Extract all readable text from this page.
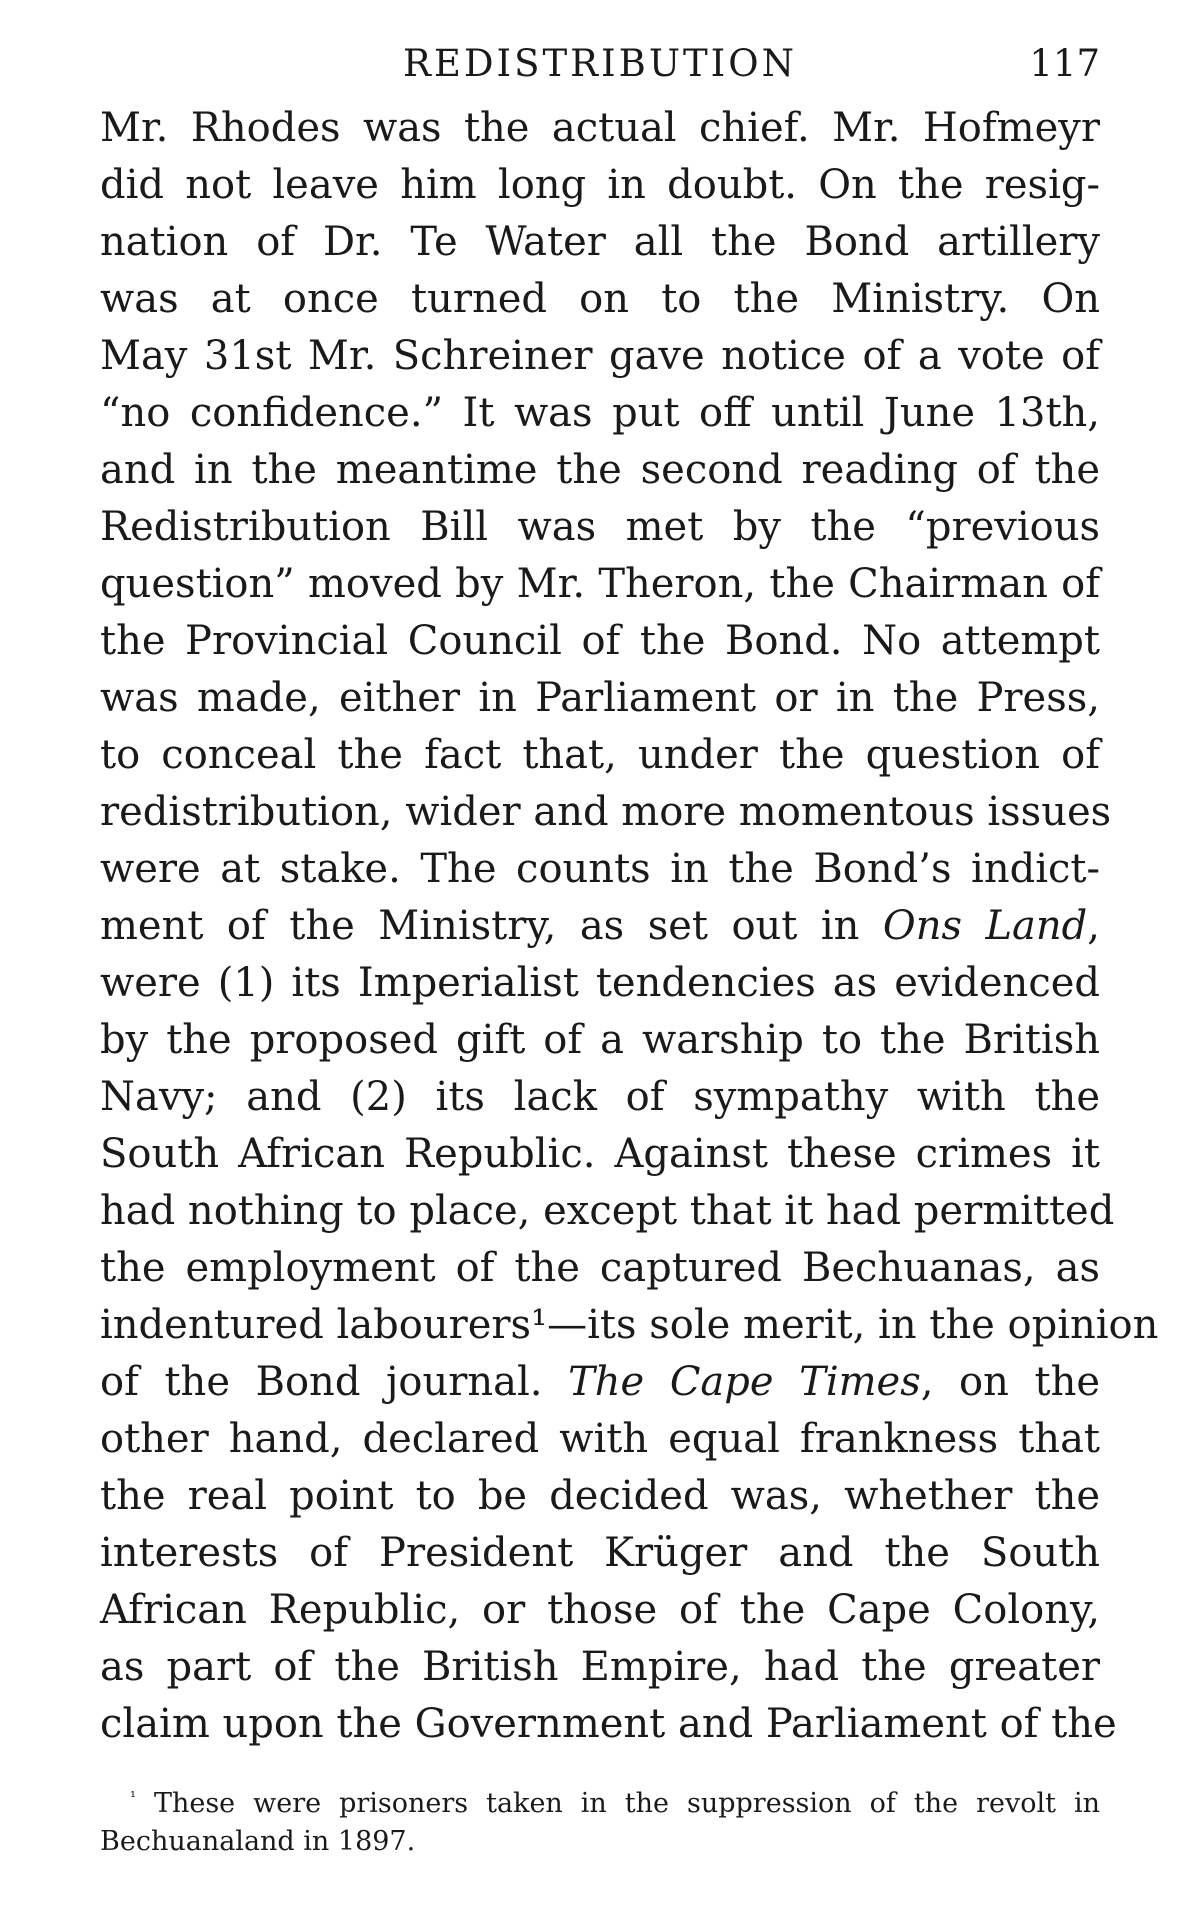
REDISTRIBUTION	117
Mr. Rhodes was the actual chief. Mr. Hofmeyr
did not leave him long in doubt. On the resig-
nation of Dr. Te Water all the Bond artillery
was at once turned on to the Ministry. On
May 31st Mr. Schreiner gave notice of a vote of
“no confidence.” It was put off until June 13th,
and in the meantime the second reading of the
Redistribution Bill was met by the “previous
question” moved by Mr. Theron, the Chairman of
the Provincial Council of the Bond. No attempt
was made, either in Parliament or in the Press,
to conceal the fact that, under the question of
redistribution, wider and more momentous issues
were at stake. The counts in the Bond’s indict-
ment of the Ministry, as set out in Ons Land,
were (1) its Imperialist tendencies as evidenced
by the proposed gift of a warship to the British
Navy; and (2) its lack of sympathy with the
South African Republic. Against these crimes it
had nothing to place, except that it had permitted
the employment of the captured Bechuanas, as
indentured labourers¹—its sole merit, in the opinion
of the Bond journal. The Cape Times, on the
other hand, declared with equal frankness that
the real point to be decided was, whether the
interests of President Krüger and the South
African Republic, or those of the Cape Colony,
as part of the British Empire, had the greater
claim upon the Government and Parliament of the
$^{^1}$ These were prisoners taken in the suppression of the revolt in
Bechuanaland in 1897.
